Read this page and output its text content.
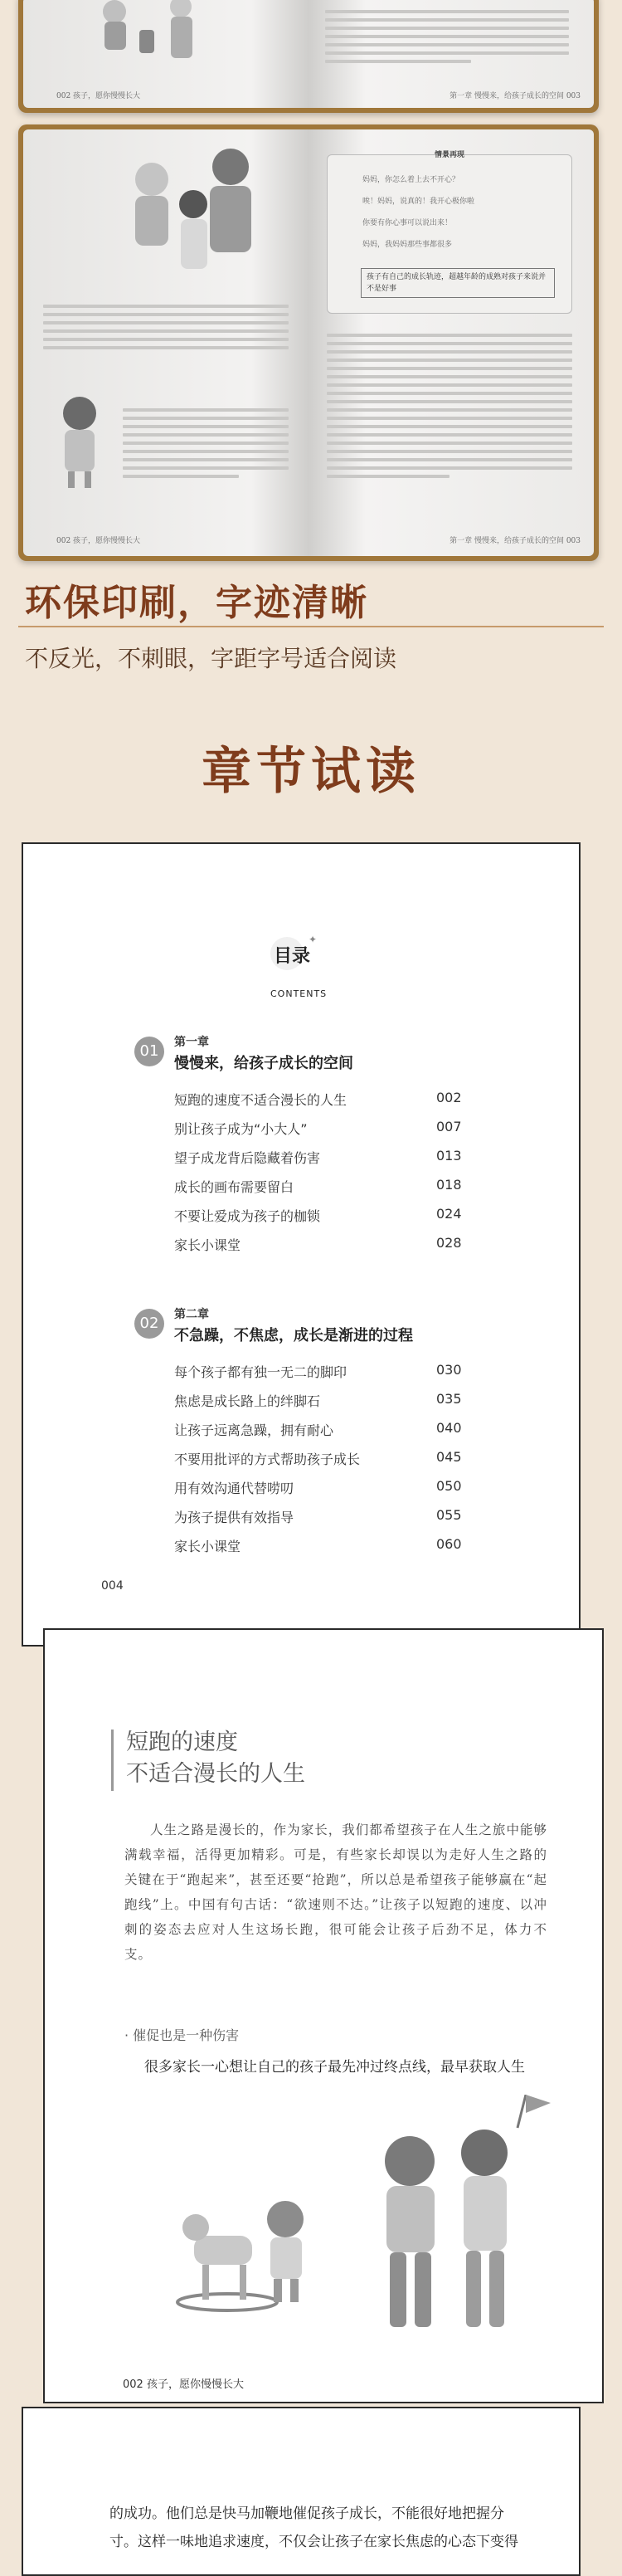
002 孩子，愿你慢慢长大	第一章 慢慢来，给孩子成长的空间 003
002 孩子，愿你慢慢长大
情景再现
妈妈，你怎么着上去不开心？
唉！妈妈，说真的！我开心极你啦
你要有你心事可以说出来！
妈妈，我妈妈那些事都很多
孩子有自己的成长轨迹，超越年龄的成熟对孩子来说并不是好事
第一章 慢慢来，给孩子成长的空间 003
环保印刷，字迹清晰
不反光，不刺眼，字距字号适合阅读
章节试读
目录
✦
CONTENTS
01	第一章
慢慢来，给孩子成长的空间
短跑的速度不适合漫长的人生	002
别让孩子成为“小大人”	007
望子成龙背后隐藏着伤害	013
成长的画布需要留白	018
不要让爱成为孩子的枷锁	024
家长小课堂	028
02	第二章
不急躁，不焦虑，成长是渐进的过程
每个孩子都有独一无二的脚印	030
焦虑是成长路上的绊脚石	035
让孩子远离急躁，拥有耐心	040
不要用批评的方式帮助孩子成长	045
用有效沟通代替唠叨	050
为孩子提供有效指导	055
家长小课堂	060
004
短跑的速度
不适合漫长的人生
人生之路是漫长的，作为家长，我们都希望孩子在人生之旅中能够满载幸福，活得更加精彩。可是，有些家长却误以为走好人生之路的关键在于“跑起来”，甚至还要“抢跑”，所以总是希望孩子能够赢在“起跑线”上。中国有句古话：“欲速则不达。”让孩子以短跑的速度、以冲刺的姿态去应对人生这场长跑，很可能会让孩子后劲不足，体力不支。
· 催促也是一种伤害
很多家长一心想让自己的孩子最先冲过终点线，最早获取人生
002 孩子，愿你慢慢长大
的成功。他们总是快马加鞭地催促孩子成长，不能很好地把握分
寸。这样一味地追求速度，不仅会让孩子在家长焦虑的心态下变得
